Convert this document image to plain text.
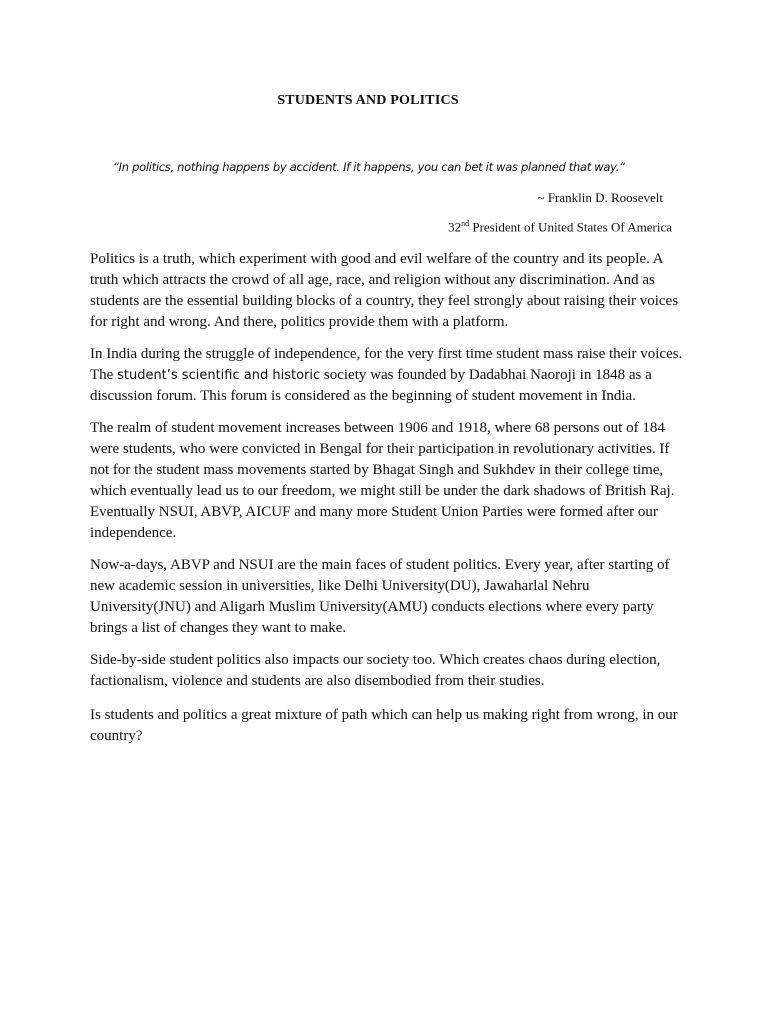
STUDENTS AND POLITICS
“In politics, nothing happens by accident. If it happens, you can bet it was planned that way.“
~ Franklin D. Roosevelt
32nd President of United States Of America

Politics is a truth, which experiment with good and evil welfare of the country and its people. A truth which attracts the crowd of all age, race, and religion without any discrimination. And as students are the essential building blocks of a country, they feel strongly about raising their voices for right and wrong. And there, politics provide them with a platform.

In India during the struggle of independence, for the very first time student mass raise their voices. The student’s scientific and historic society was founded by Dadabhai Naoroji in 1848 as a discussion forum. This forum is considered as the beginning of student movement in India.

The realm of student movement increases between 1906 and 1918, where 68 persons out of 184 were students, who were convicted in Bengal for their participation in revolutionary activities. If not for the student mass movements started by Bhagat Singh and Sukhdev in their college time, which eventually lead us to our freedom, we might still be under the dark shadows of British Raj. Eventually NSUI, ABVP, AICUF and many more Student Union Parties were formed after our independence.

Now-a-days, ABVP and NSUI are the main faces of student politics. Every year, after starting of new academic session in universities, like Delhi University(DU), Jawaharlal Nehru University(JNU) and Aligarh Muslim University(AMU) conducts elections where every party brings a list of changes they want to make.

Side-by-side student politics also impacts our society too. Which creates chaos during election, factionalism, violence and students are also disembodied from their studies.

Is students and politics a great mixture of path which can help us making right from wrong, in our country?
